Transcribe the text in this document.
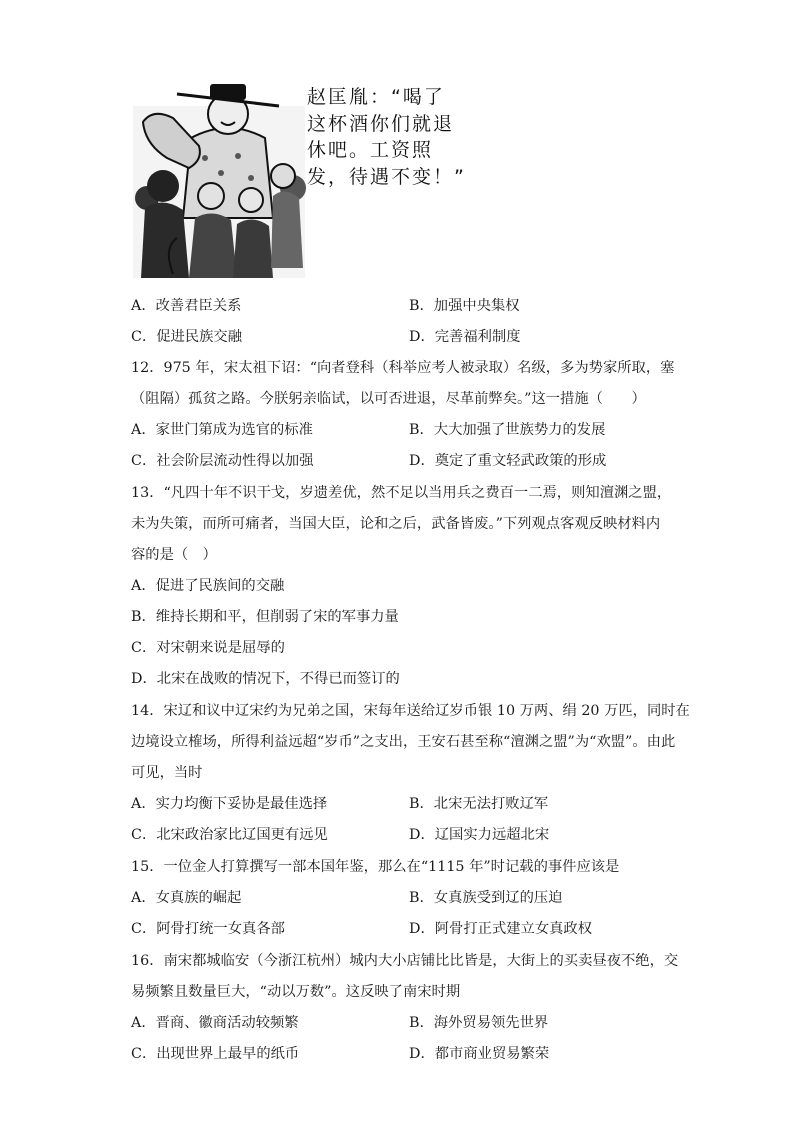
赵匡胤：“喝了
这杯酒你们就退
休吧。工资照
发，待遇不变！”
A．改善君臣关系	B．加强中央集权
C．促进民族交融	D．完善福利制度
12．975 年，宋太祖下诏：“向者登科（科举应考人被录取）名级，多为势家所取，塞
（阻隔）孤贫之路。今朕躬亲临试，以可否进退，尽革前弊矣。”这一措施（　　）
A．家世门第成为选官的标准	B．大大加强了世族势力的发展
C．社会阶层流动性得以加强	D．奠定了重文轻武政策的形成
13．“凡四十年不识干戈，岁遗差优，然不足以当用兵之费百一二焉，则知澶渊之盟，
未为失策，而所可痛者，当国大臣，论和之后，武备皆废。”下列观点客观反映材料内
容的是（　）
A．促进了民族间的交融
B．维持长期和平，但削弱了宋的军事力量
C．对宋朝来说是屈辱的
D．北宋在战败的情况下，不得已而签订的
14．宋辽和议中辽宋约为兄弟之国，宋每年送给辽岁币银 10 万两、绢 20 万匹，同时在
边境设立榷场，所得利益远超“岁币”之支出，王安石甚至称“澶渊之盟”为“欢盟”。由此
可见，当时
A．实力均衡下妥协是最佳选择	B．北宋无法打败辽军
C．北宋政治家比辽国更有远见	D．辽国实力远超北宋
15．一位金人打算撰写一部本国年鉴，那么在“1115 年”时记载的事件应该是
A．女真族的崛起	B．女真族受到辽的压迫
C．阿骨打统一女真各部	D．阿骨打正式建立女真政权
16．南宋都城临安（今浙江杭州）城内大小店铺比比皆是，大街上的买卖昼夜不绝，交
易频繁且数量巨大，“动以万数”。这反映了南宋时期
A．晋商、徽商活动较频繁	B．海外贸易领先世界
C．出现世界上最早的纸币	D．都市商业贸易繁荣
